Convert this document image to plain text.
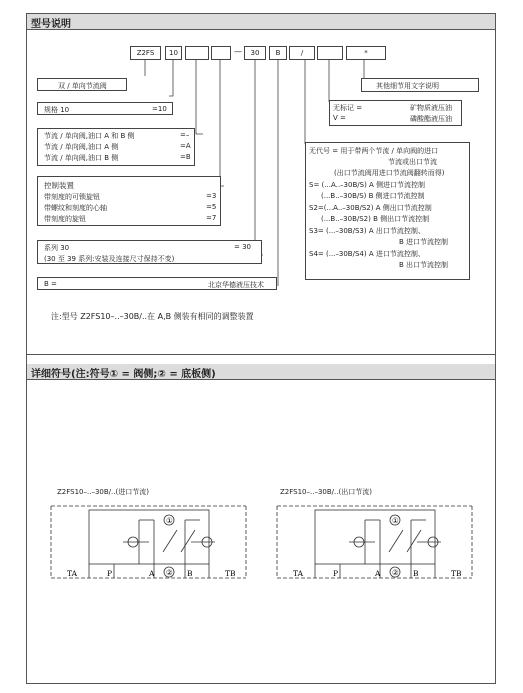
型号说明
Z2FS	10	—	30	B	/	*
双 / 单向节流阀
规格 10	=10
节流 / 单向阀,油口 A 和 B 侧	=–
节流 / 单向阀,油口 A 侧	=A
节流 / 单向阀,油口 B 侧	=B
控制装置
带刻度的可锁旋钮	=3
带螺纹和刻度的心轴	=5
带刻度的旋钮	=7
系列 30	= 30
(30 至 39 系列:安装及连接尺寸保持不变)
B =	北京华德液压技术
其他细节用文字说明
无标记 =	矿物质液压油
V =	磷酸酯液压油
无代号 = 用于带两个节流 / 单向阀的进口
节流或出口节流
(出口节流阀用进口节流阀翻转而得)
S= (...A..–30B/S) A 侧进口节流控制
(...B..–30B/S) B 侧进口节流控制
S2=(...A..–30B/S2) A 侧出口节流控制
(...B..–30B/S2) B 侧出口节流控制
S3= (...–30B/S3) A 出口节流控制、
B 进口节流控制
S4= (...–30B/S4) A 进口节流控制、
B 出口节流控制
注:型号 Z2FS10–..–30B/..在 A,B 侧装有相同的调整装置
详细符号(注:符号① = 阀侧;② = 底板侧)
Z2FS10–..–30B/..(进口节流)
①
②
TA	P	A	B	TB
Z2FS10–..–30B/..(出口节流)
①
②
TA	P	A	B	TB
